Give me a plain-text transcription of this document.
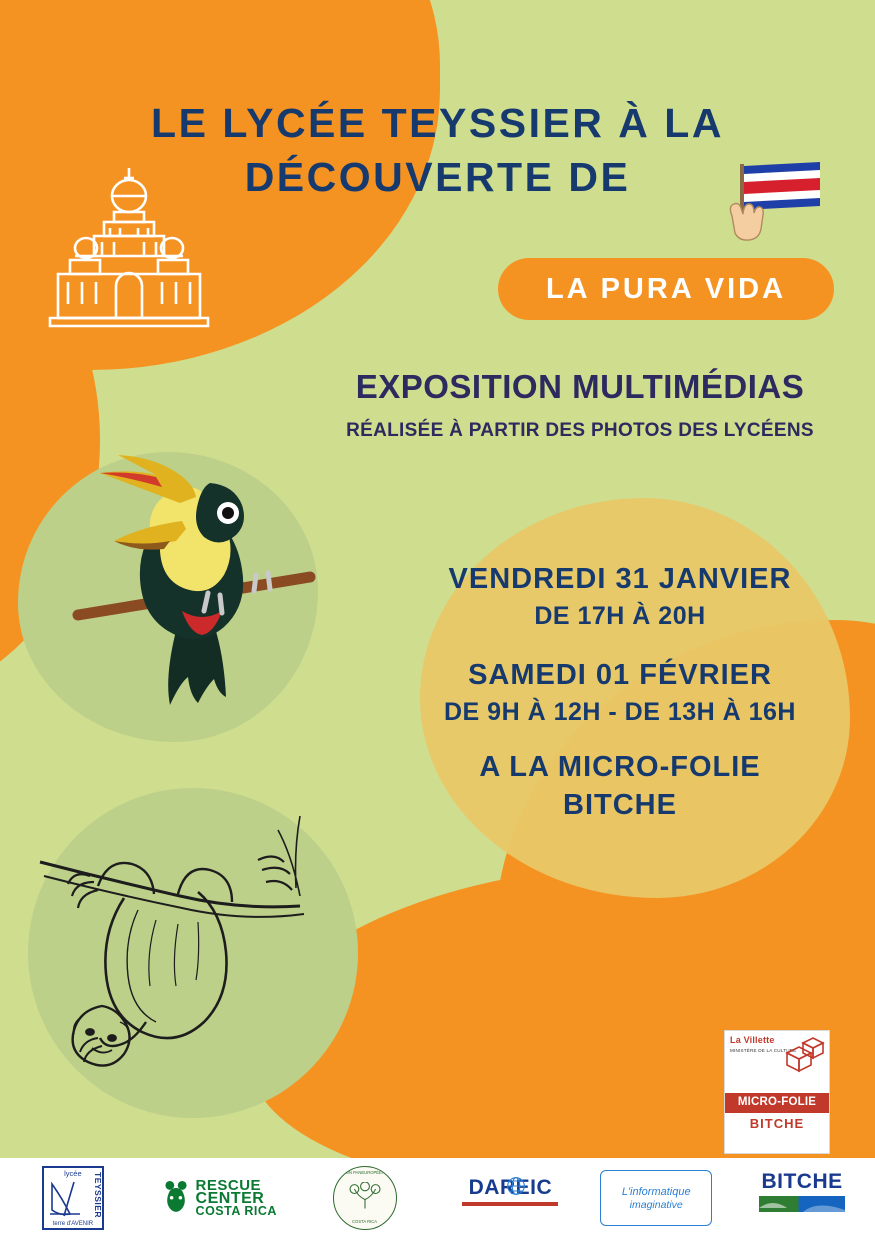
LE LYCÉE TEYSSIER À LA
DÉCOUVERTE DE
LA PURA VIDA
EXPOSITION MULTIMÉDIAS
RÉALISÉE À PARTIR DES PHOTOS DES LYCÉENS
VENDREDI 31 JANVIER
DE 17H À 20H
SAMEDI 01 FÉVRIER
DE 9H À 12H - DE 13H À 16H
A LA MICRO-FOLIE
BITCHE
La Villette
MINISTÈRE DE LA CULTURE
MICRO-FOLIE
BITCHE
lycée	TEYSSIER
terre d'AVENIR
RESCUE
CENTER
COSTA RICA
UNION PANEUROPÉENNE
COSTA RICA
DAREIC	L'informatique
imaginative
BITCHE
